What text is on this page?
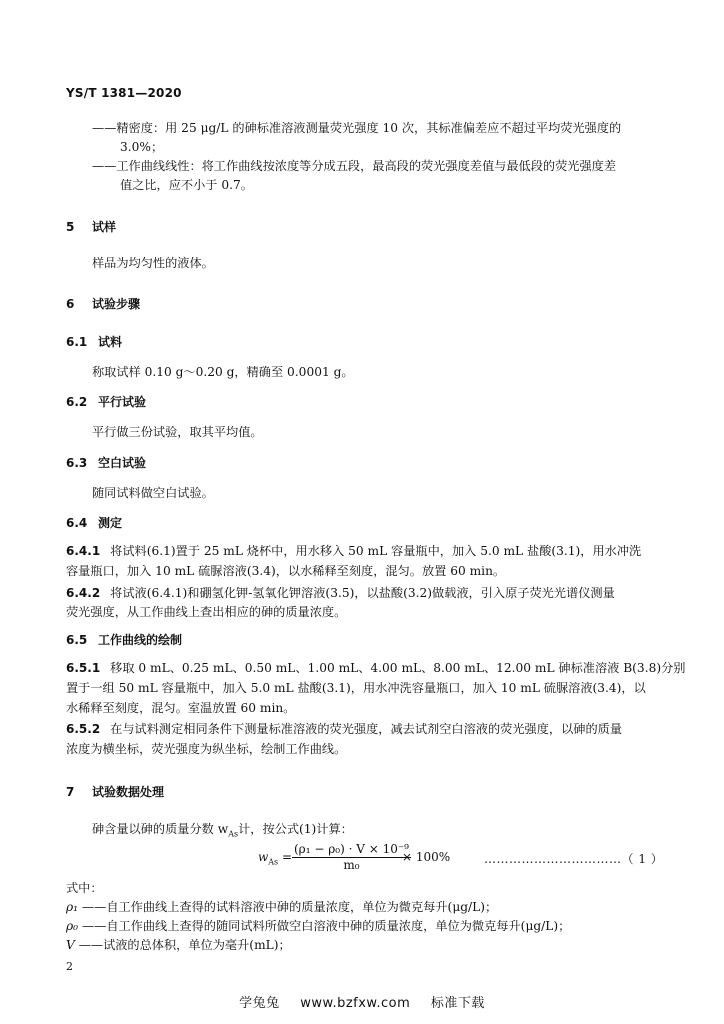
YS/T 1381—2020
——精密度：用 25 μg/L 的砷标准溶液测量荧光强度 10 次，其标准偏差应不超过平均荧光强度的
3.0%；
——工作曲线线性：将工作曲线按浓度等分成五段，最高段的荧光强度差值与最低段的荧光强度差
值之比，应不小于 0.7。
5 试样
样品为均匀性的液体。
6 试验步骤
6.1 试料
称取试样 0.10 g～0.20 g，精确至 0.0001 g。
6.2 平行试验
平行做三份试验，取其平均值。
6.3 空白试验
随同试料做空白试验。
6.4 测定
6.4.1 将试料(6.1)置于 25 mL 烧杯中，用水移入 50 mL 容量瓶中，加入 5.0 mL 盐酸(3.1)，用水冲洗
容量瓶口，加入 10 mL 硫脲溶液(3.4)，以水稀释至刻度，混匀。放置 60 min。
6.4.2 将试液(6.4.1)和硼氢化钾-氢氧化钾溶液(3.5)，以盐酸(3.2)做载液，引入原子荧光光谱仪测量
荧光强度，从工作曲线上查出相应的砷的质量浓度。
6.5 工作曲线的绘制
6.5.1 移取 0 mL、0.25 mL、0.50 mL、1.00 mL、4.00 mL、8.00 mL、12.00 mL 砷标准溶液 B(3.8)分别
置于一组 50 mL 容量瓶中，加入 5.0 mL 盐酸(3.1)，用水冲洗容量瓶口，加入 10 mL 硫脲溶液(3.4)，以
水稀释至刻度，混匀。室温放置 60 min。
6.5.2 在与试料测定相同条件下测量标准溶液的荧光强度，减去试剂空白溶液的荧光强度，以砷的质量
浓度为横坐标，荧光强度为纵坐标，绘制工作曲线。
7 试验数据处理
砷含量以砷的质量分数 $w_{As}$计，按公式(1)计算：
$w_{As} = \frac{\text{(ρ₁ − ρ₀) · V × 10⁻⁹}}{\text{m₀}}$
× 100%	……………………………（ 1 ）
式中：
ρ₁ ——自工作曲线上查得的试料溶液中砷的质量浓度，单位为微克每升(μg/L)；
ρ₀ ——自工作曲线上查得的随同试料所做空白溶液中砷的质量浓度，单位为微克每升(μg/L)；
V ——试液的总体积，单位为毫升(mL)；
2
学兔兔 www.bzfxw.com 标准下载
